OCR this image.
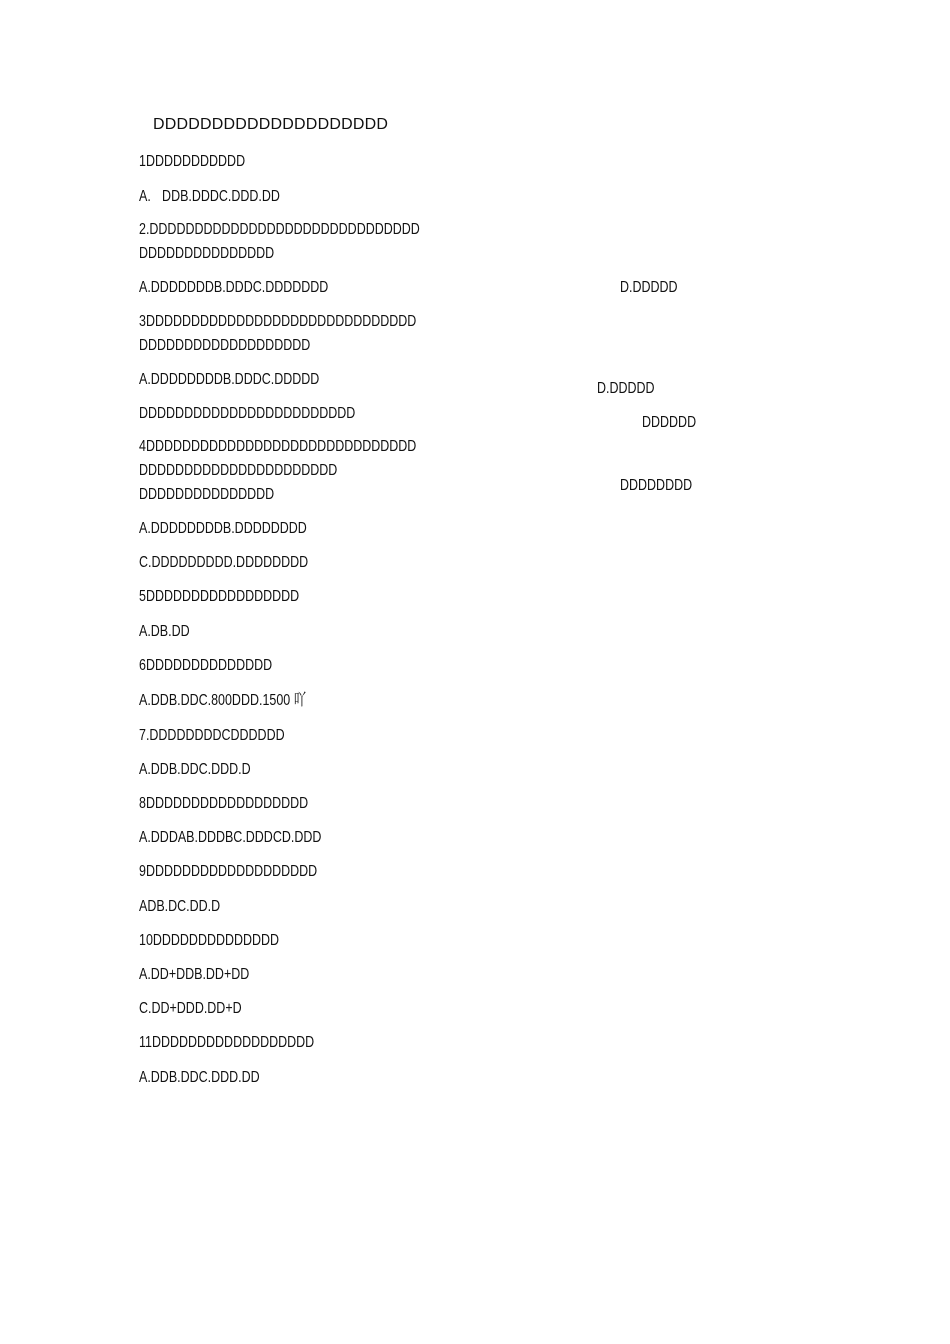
DDDDDDDDDDDDDDDDDDDD
1DDDDDDDDDDD
A. DDB.DDDC.DDD.DD
2.DDDDDDDDDDDDDDDDDDDDDDDDDDDDDD
DDDDDDDDDDDDDDD
A.DDDDDDDB.DDDC.DDDDDDD	D.DDDDD
3DDDDDDDDDDDDDDDDDDDDDDDDDDDDDD
DDDDDDDDDDDDDDDDDDD
A.DDDDDDDDB.DDDC.DDDDD
D.DDDDD
DDDDDDDDDDDDDDDDDDDDDDDD
DDDDDD
4DDDDDDDDDDDDDDDDDDDDDDDDDDDDDD
DDDDDDDDDDDDDDDDDDDDDD
DDDDDDDDDDDDDDD
DDDDDDDD
A.DDDDDDDDB.DDDDDDDD
C.DDDDDDDDD.DDDDDDDD
5DDDDDDDDDDDDDDDDD
A.DB.DD
6DDDDDDDDDDDDDD
A.DDB.DDC.800DDD.1500 吖
7.DDDDDDDDCDDDDDD
A.DDB.DDC.DDD.D
8DDDDDDDDDDDDDDDDDD
A.DDDAB.DDDBC.DDDCD.DDD
9DDDDDDDDDDDDDDDDDDD
ADB.DC.DD.D
10DDDDDDDDDDDDDD
A.DD+DDB.DD+DD
C.DD+DDD.DD+D
11DDDDDDDDDDDDDDDDDD
A.DDB.DDC.DDD.DD
